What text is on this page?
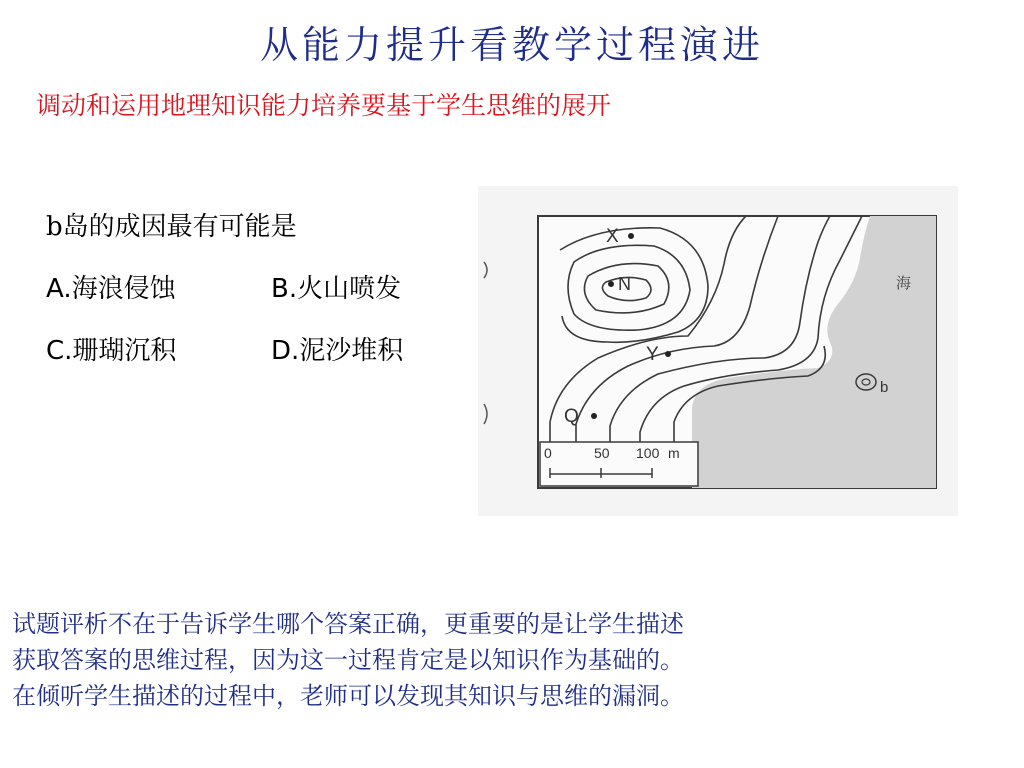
从能力提升看教学过程演进
调动和运用地理知识能力培养要基于学生思维的展开
b岛的成因最有可能是
A.海浪侵蚀	B.火山喷发
C.珊瑚沉积	D.泥沙堆积
b
海
X
N
Y
Q
0	50 100 m
试题评析不在于告诉学生哪个答案正确，更重要的是让学生描述
获取答案的思维过程，因为这一过程肯定是以知识作为基础的。
在倾听学生描述的过程中，老师可以发现其知识与思维的漏洞。
